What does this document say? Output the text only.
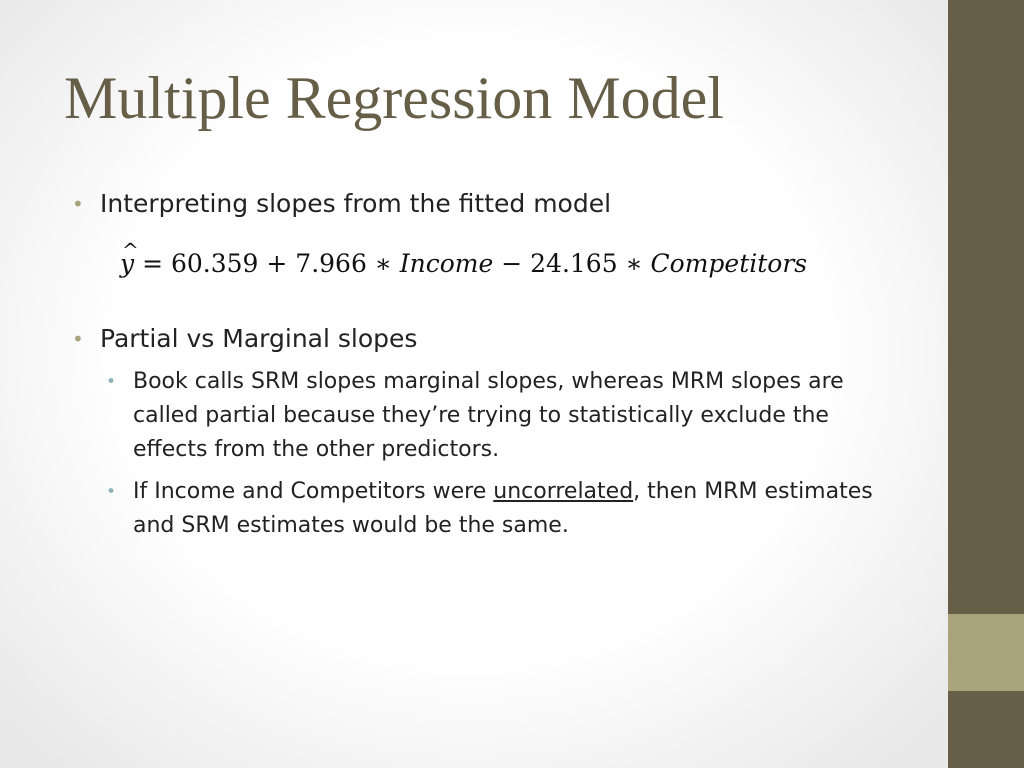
Multiple Regression Model
• Interpreting slopes from the fitted model
^ y = 60.359 + 7.966 ∗ Income − 24.165 ∗ Competitors
• Partial vs Marginal slopes
• Book calls SRM slopes marginal slopes, whereas MRM slopes are called partial because they’re trying to statistically exclude the effects from the other predictors.
• If Income and Competitors were uncorrelated, then MRM estimates and SRM estimates would be the same.
